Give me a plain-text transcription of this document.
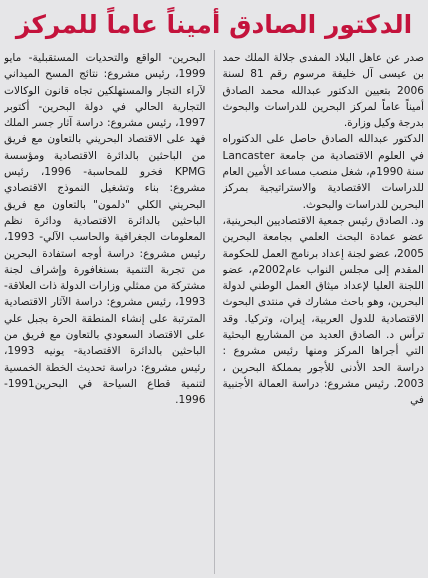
الدكتور الصادق أميناً عاماً للمركز

صدر عن عاهل البلاد المفدى جلالة الملك حمد بن عيسى آل خليفة مرسوم رقم 81 لسنة 2006 بتعيين الدكتور عبدالله محمد الصادق أميناً عاماً لمركز البحرين للدراسات والبحوث بدرجة وكيل وزارة.

الدكتور عبدالله الصادق حاصل على الدكتوراه في العلوم الاقتصادية من جامعة Lancaster سنة 1990م، شغل منصب مساعد الأمين العام للدراسات الاقتصادية والاستراتيجية بمركز البحرين للدراسات والبحوث.

ود. الصادق رئيس جمعية الاقتصاديين البحرينية، عضو عمادة البحث العلمي بجامعة البحرين 2005، عضو لجنة إعداد برنامج العمل للحكومة المقدم إلى مجلس النواب عام2002م، عضو اللجنة العليا لإعداد ميثاق العمل الوطني لدولة البحرين، وهو باحث مشارك في منتدى البحوث الاقتصادية للدول العربية، إيران، وتركيا. وقد ترأس د. الصادق العديد من المشاريع البحثية التي أجراها المركز ومنها رئيس مشروع : دراسة الحد الأدنى للأجور بمملكة البحرين ، 2003. رئيس مشروع: دراسة العمالة الأجنبية في

البحرين- الواقع والتحديات المستقبلية- مايو 1999، رئيس مشروع: نتائج المسح الميداني لآراء التجار والمستهلكين تجاه قانون الوكالات التجارية الحالي في دولة البحرين- أكتوبر 1997، رئيس مشروع: دراسة آثار جسر الملك فهد على الاقتصاد البحريني بالتعاون مع فريق من الباحثين بالدائرة الاقتصادية ومؤسسة KPMG فخرو للمحاسبة- 1996، رئيس مشروع: بناء وتشغيل النموذج الاقتصادي البحريني الكلي "دلمون" بالتعاون مع فريق الباحثين بالدائرة الاقتصادية ودائرة نظم المعلومات الجغرافية والحاسب الآلي- 1993، رئيس مشروع: دراسة أوجه استفادة البحرين من تجربة التنمية بسنغافورة وإشراف لجنة مشتركة من ممثلي وزارات الدولة ذات العلاقة- 1993، رئيس مشروع: دراسة الآثار الاقتصادية المترتبة على إنشاء المنطقة الحرة بجبل علي على الاقتصاد السعودي بالتعاون مع فريق من الباحثين بالدائرة الاقتصادية- يونيه 1993، رئيس مشروع: دراسة تحديث الخطة الخمسية لتنمية قطاع السياحة في البحرين1991-1996.
